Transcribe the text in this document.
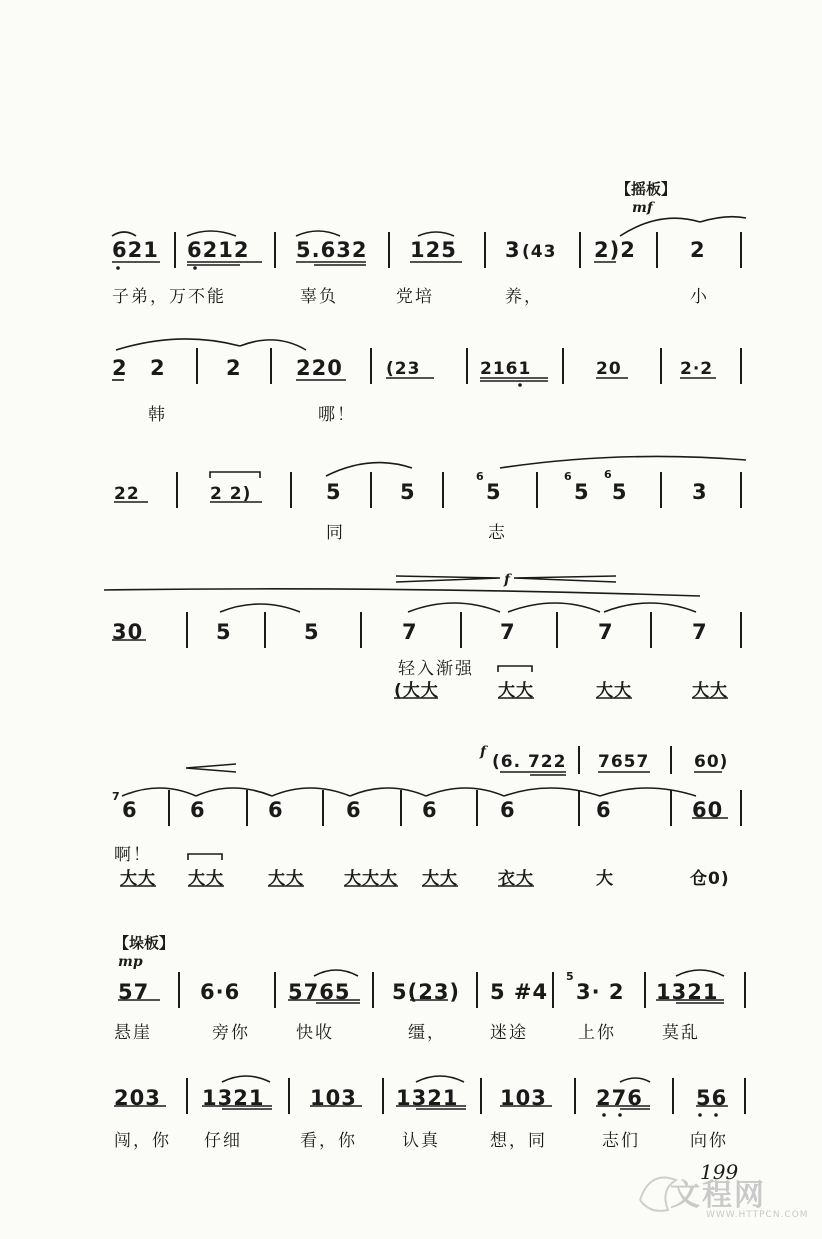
【摇板】
mf
621 6212 5.632 125 3 (43 2)2	2
子弟，万不能	辜负	党培	养，	小
2 2	2	220	(23	2161	20	2·2
韩	哪！
22	2 2)	5	5
6
5
6	6
5 5	3
同	志
f
30	5	5	7	7	7	7
轻入渐强
(大大	大大	大大	大大
f (6. 722 7657	60)
7
6 6	6	6	6	6	6	60
啊！
大大 大大	大大 大大大 大大 衣大	大	仓0)
【垛板】
mp
57 6·6 5765 5(23) 5 #4
5
3· 2 1321
悬崖	旁你	快收	缰，	迷途	上你	莫乱
203 1321 103 1321 103 276	56
闯，你 仔细	看，你	认真	想，同	志们	向你
199
文程网
WWW.HTTPCN.COM
